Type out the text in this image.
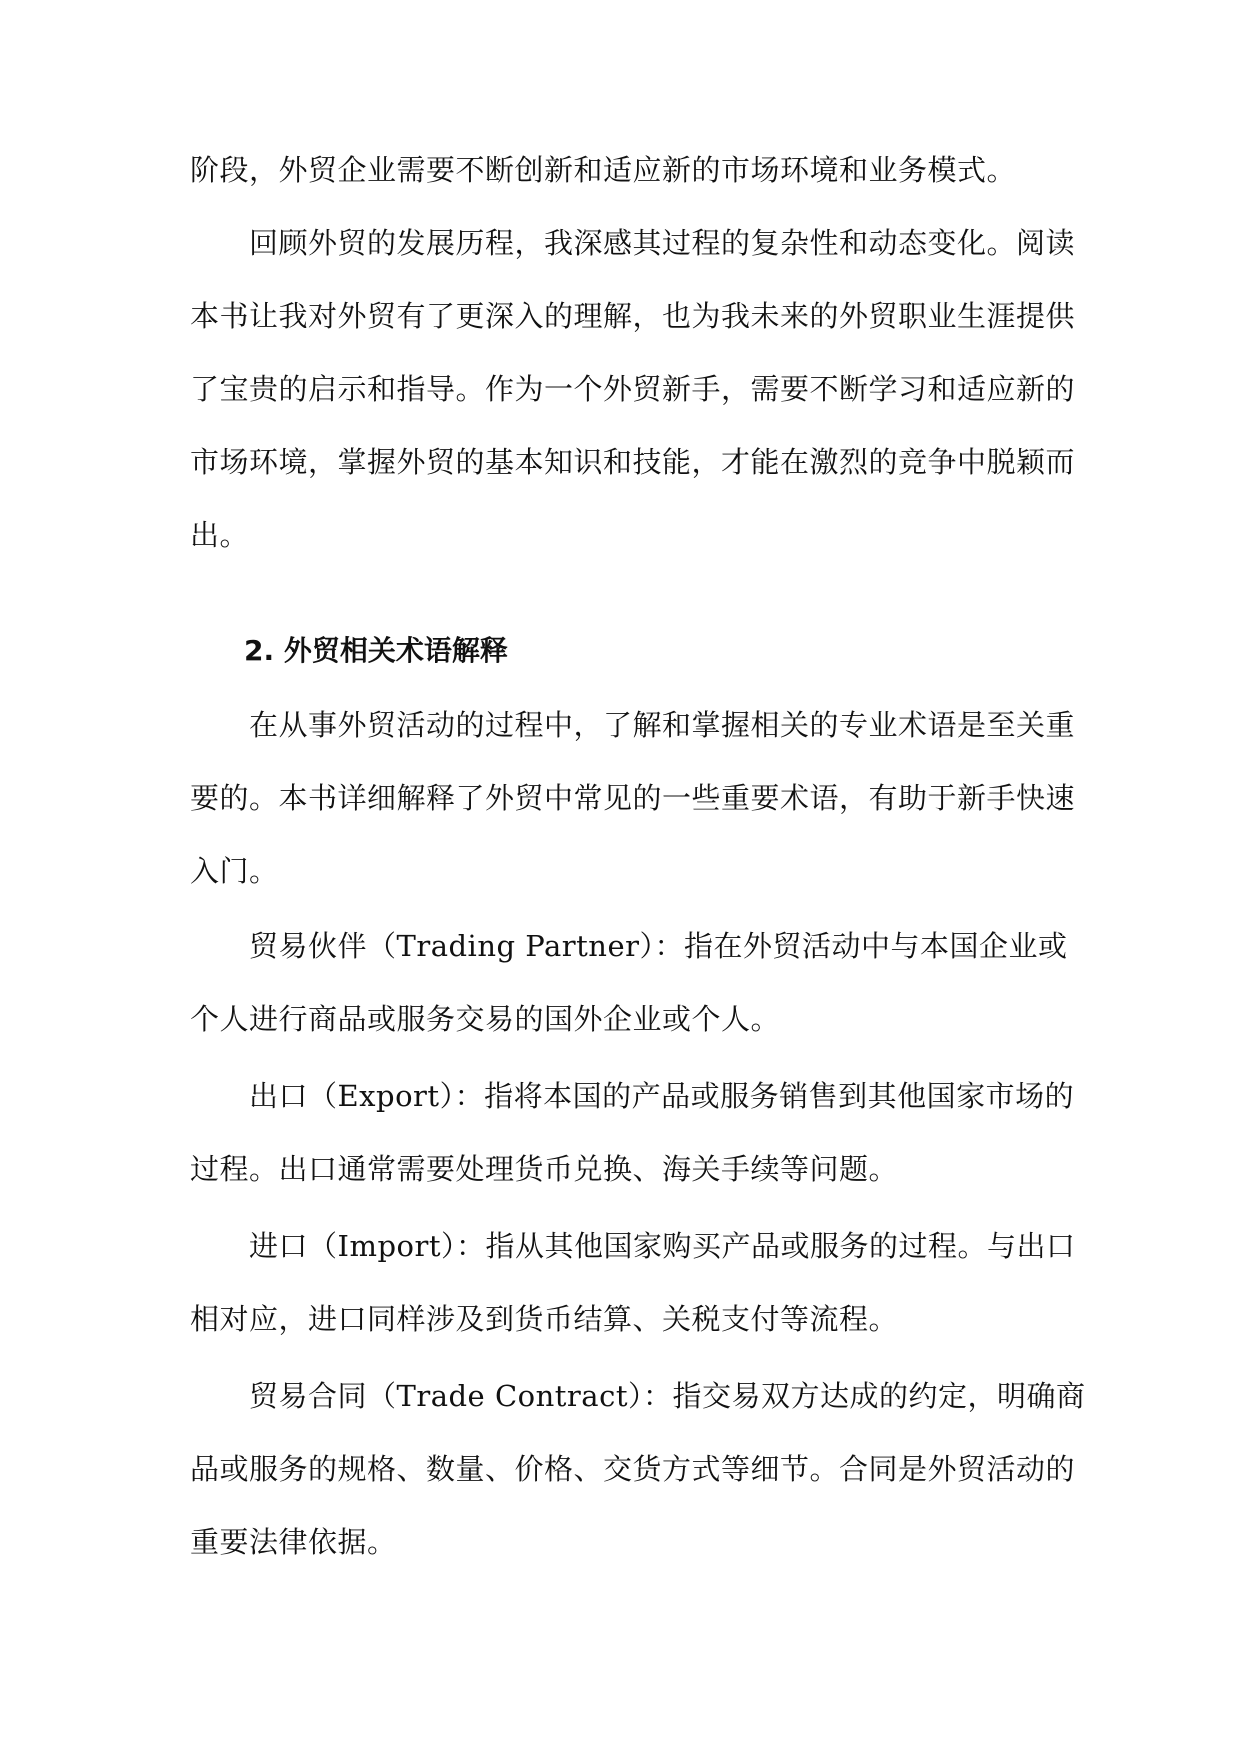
阶段，外贸企业需要不断创新和适应新的市场环境和业务模式。
　　回顾外贸的发展历程，我深感其过程的复杂性和动态变化。阅读
本书让我对外贸有了更深入的理解，也为我未来的外贸职业生涯提供
了宝贵的启示和指导。作为一个外贸新手，需要不断学习和适应新的
市场环境，掌握外贸的基本知识和技能，才能在激烈的竞争中脱颖而
出。
2. 外贸相关术语解释
　　在从事外贸活动的过程中，了解和掌握相关的专业术语是至关重
要的。本书详细解释了外贸中常见的一些重要术语，有助于新手快速
入门。
　　贸易伙伴（Trading Partner）：指在外贸活动中与本国企业或
个人进行商品或服务交易的国外企业或个人。
　　出口（Export）：指将本国的产品或服务销售到其他国家市场的
过程。出口通常需要处理货币兑换、海关手续等问题。
　　进口（Import）：指从其他国家购买产品或服务的过程。与出口
相对应，进口同样涉及到货币结算、关税支付等流程。
　　贸易合同（Trade Contract）：指交易双方达成的约定，明确商
品或服务的规格、数量、价格、交货方式等细节。合同是外贸活动的
重要法律依据。
